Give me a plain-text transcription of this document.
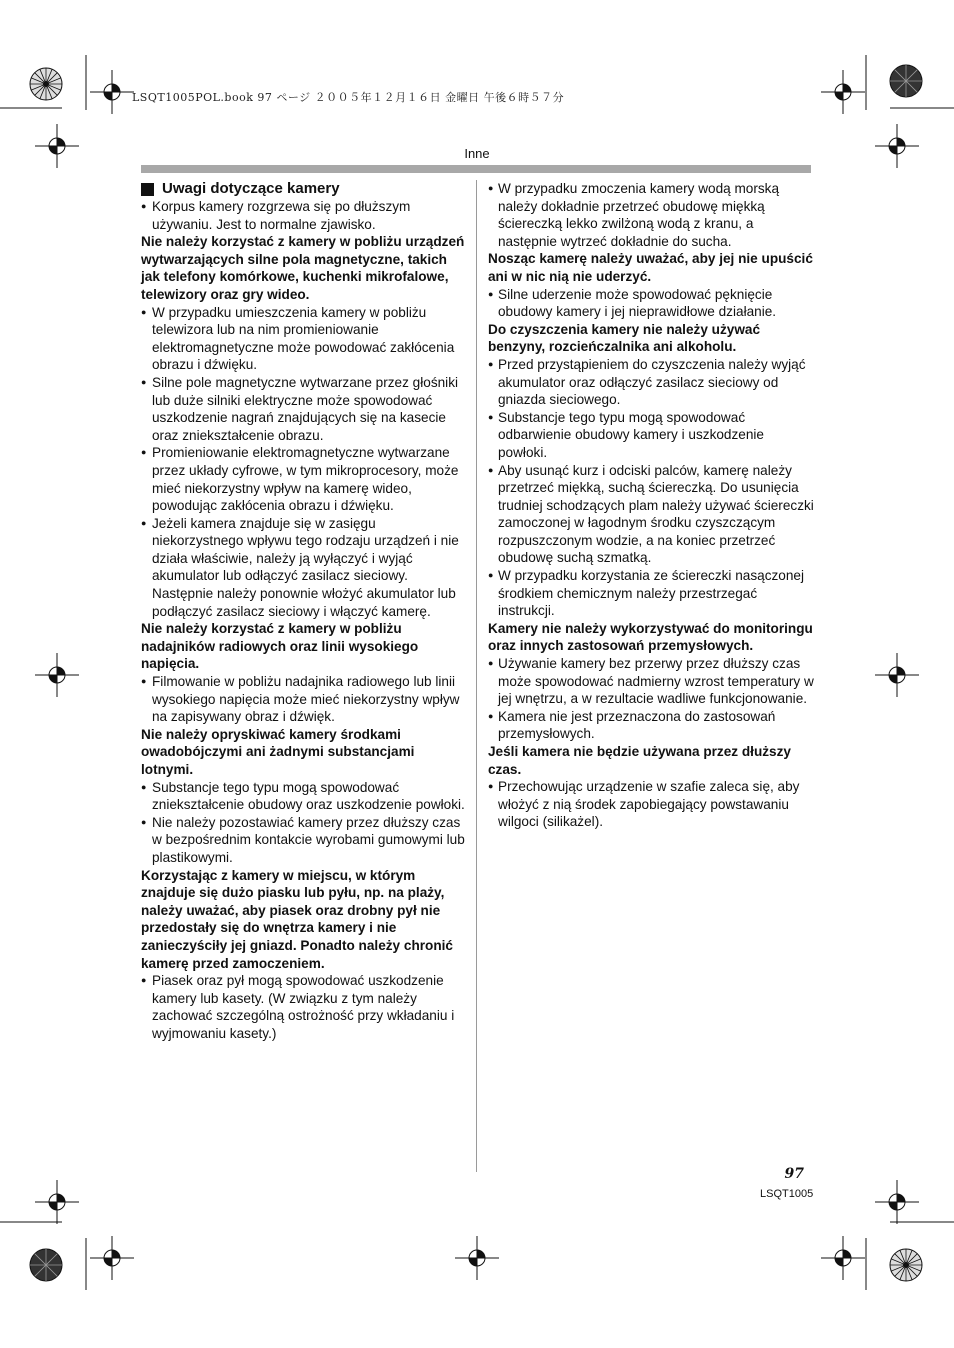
LSQT1005POL.book 97 ページ ２００５年１２月１６日 金曜日 午後６時５７分
Inne
Uwagi dotyczące kamery

● Korpus kamery rozgrzewa się po dłuższym używaniu. Jest to normalne zjawisko.

Nie należy korzystać z kamery w pobliżu urządzeń wytwarzających silne pola magnetyczne, takich jak telefony komórkowe, kuchenki mikrofalowe, telewizory oraz gry wideo.

● W przypadku umieszczenia kamery w pobliżu telewizora lub na nim promieniowanie elektromagnetyczne może powodować zakłócenia obrazu i dźwięku.

● Silne pole magnetyczne wytwarzane przez głośniki lub duże silniki elektryczne może spowodować uszkodzenie nagrań znajdujących się na kasecie oraz zniekształcenie obrazu.

● Promieniowanie elektromagnetyczne wytwarzane przez układy cyfrowe, w tym mikroprocesory, może mieć niekorzystny wpływ na kamerę wideo, powodując zakłócenia obrazu i dźwięku.

● Jeżeli kamera znajduje się w zasięgu niekorzystnego wpływu tego rodzaju urządzeń i nie działa właściwie, należy ją wyłączyć i wyjąć akumulator lub odłączyć zasilacz sieciowy. Następnie należy ponownie włożyć akumulator lub podłączyć zasilacz sieciowy i włączyć kamerę.

Nie należy korzystać z kamery w pobliżu nadajników radiowych oraz linii wysokiego napięcia.

● Filmowanie w pobliżu nadajnika radiowego lub linii wysokiego napięcia może mieć niekorzystny wpływ na zapisywany obraz i dźwięk.

Nie należy opryskiwać kamery środkami owadobójczymi ani żadnymi substancjami lotnymi.

● Substancje tego typu mogą spowodować zniekształcenie obudowy oraz uszkodzenie powłoki.

● Nie należy pozostawiać kamery przez dłuższy czas w bezpośrednim kontakcie wyrobami gumowymi lub plastikowymi.

Korzystając z kamery w miejscu, w którym znajduje się dużo piasku lub pyłu, np. na plaży, należy uważać, aby piasek oraz drobny pył nie przedostały się do wnętrza kamery i nie zanieczyściły jej gniazd. Ponadto należy chronić kamerę przed zamoczeniem.

● Piasek oraz pył mogą spowodować uszkodzenie kamery lub kasety. (W związku z tym należy zachować szczególną ostrożność przy wkładaniu i wyjmowaniu kasety.)

● W przypadku zmoczenia kamery wodą morską należy dokładnie przetrzeć obudowę miękką ściereczką lekko zwilżoną wodą z kranu, a następnie wytrzeć dokładnie do sucha.

Nosząc kamerę należy uważać, aby jej nie upuścić ani w nic nią nie uderzyć.

● Silne uderzenie może spowodować pęknięcie obudowy kamery i jej nieprawidłowe działanie.

Do czyszczenia kamery nie należy używać benzyny, rozcieńczalnika ani alkoholu.

● Przed przystąpieniem do czyszczenia należy wyjąć akumulator oraz odłączyć zasilacz sieciowy od gniazda sieciowego.

● Substancje tego typu mogą spowodować odbarwienie obudowy kamery i uszkodzenie powłoki.

● Aby usunąć kurz i odciski palców, kamerę należy przetrzeć miękką, suchą ściereczką. Do usunięcia trudniej schodzących plam należy używać ściereczki zamoczonej w łagodnym środku czyszczącym rozpuszczonym wodzie, a na koniec przetrzeć obudowę suchą szmatką.

● W przypadku korzystania ze ściereczki nasączonej środkiem chemicznym należy przestrzegać instrukcji.

Kamery nie należy wykorzystywać do monitoringu oraz innych zastosowań przemysłowych.

● Używanie kamery bez przerwy przez dłuższy czas może spowodować nadmierny wzrost temperatury w jej wnętrzu, a w rezultacie wadliwe funkcjonowanie.

● Kamera nie jest przeznaczona do zastosowań przemysłowych.

Jeśli kamera nie będzie używana przez dłuższy czas.

● Przechowując urządzenie w szafie zaleca się, aby włożyć z nią środek zapobiegający powstawaniu wilgoci (silikażel).

97
LSQT1005
